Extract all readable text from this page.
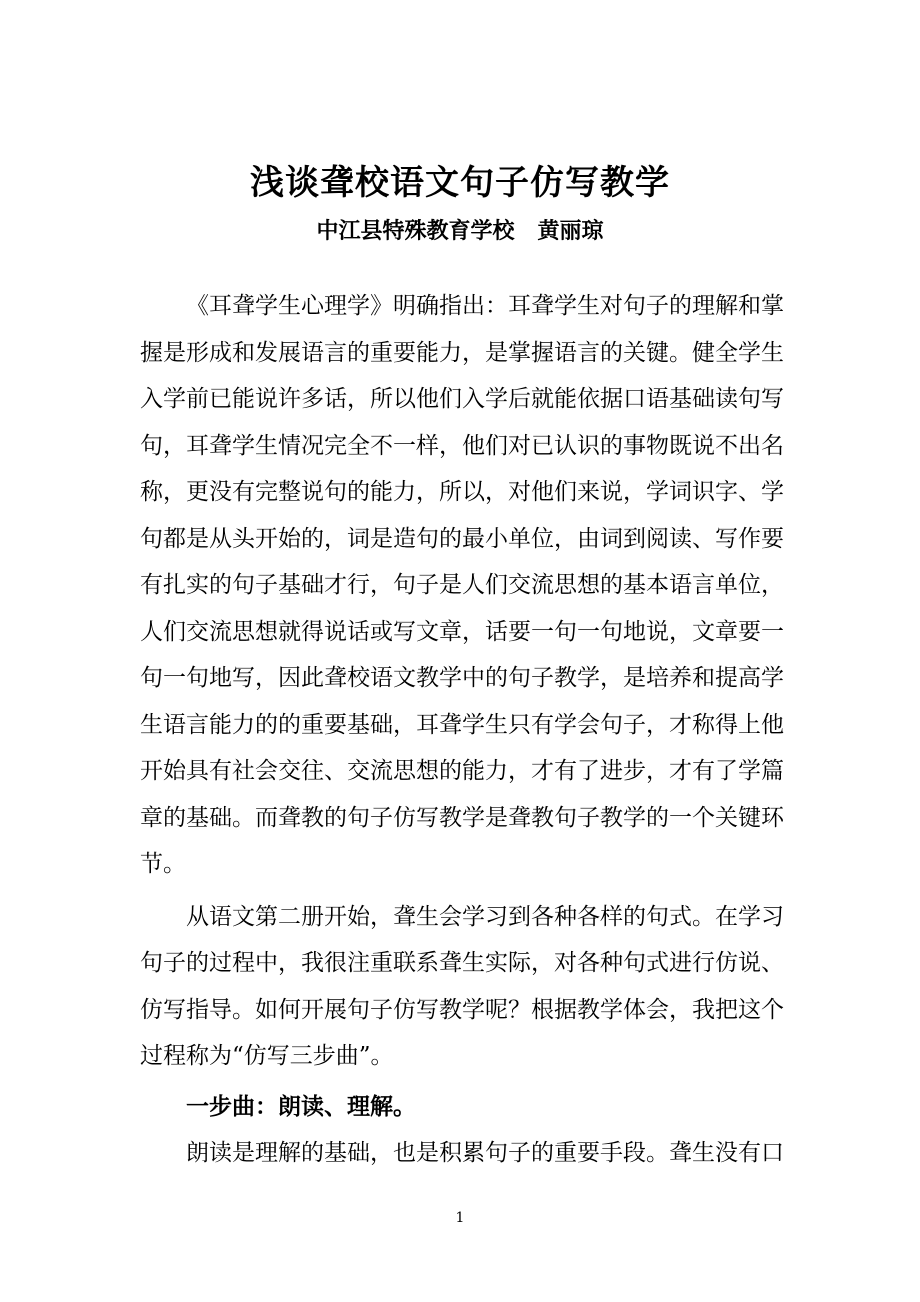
浅谈聋校语文句子仿写教学
中江县特殊教育学校   黄丽琼

《耳聋学生心理学》明确指出：耳聋学生对句子的理解和掌握是形成和发展语言的重要能力，是掌握语言的关键。健全学生入学前已能说许多话，所以他们入学后就能依据口语基础读句写句，耳聋学生情况完全不一样，他们对已认识的事物既说不出名称，更没有完整说句的能力，所以，对他们来说，学词识字、学句都是从头开始的，词是造句的最小单位，由词到阅读、写作要有扎实的句子基础才行，句子是人们交流思想的基本语言单位，人们交流思想就得说话或写文章，话要一句一句地说，文章要一句一句地写，因此聋校语文教学中的句子教学，是培养和提高学生语言能力的的重要基础，耳聋学生只有学会句子，才称得上他开始具有社会交往、交流思想的能力，才有了进步，才有了学篇章的基础。而聋教的句子仿写教学是聋教句子教学的一个关键环节。

从语文第二册开始，聋生会学习到各种各样的句式。在学习句子的过程中，我很注重联系聋生实际，对各种句式进行仿说、仿写指导。如何开展句子仿写教学呢？根据教学体会，我把这个过程称为“仿写三步曲”。

一步曲：朗读、理解。

朗读是理解的基础，也是积累句子的重要手段。聋生没有口

1
